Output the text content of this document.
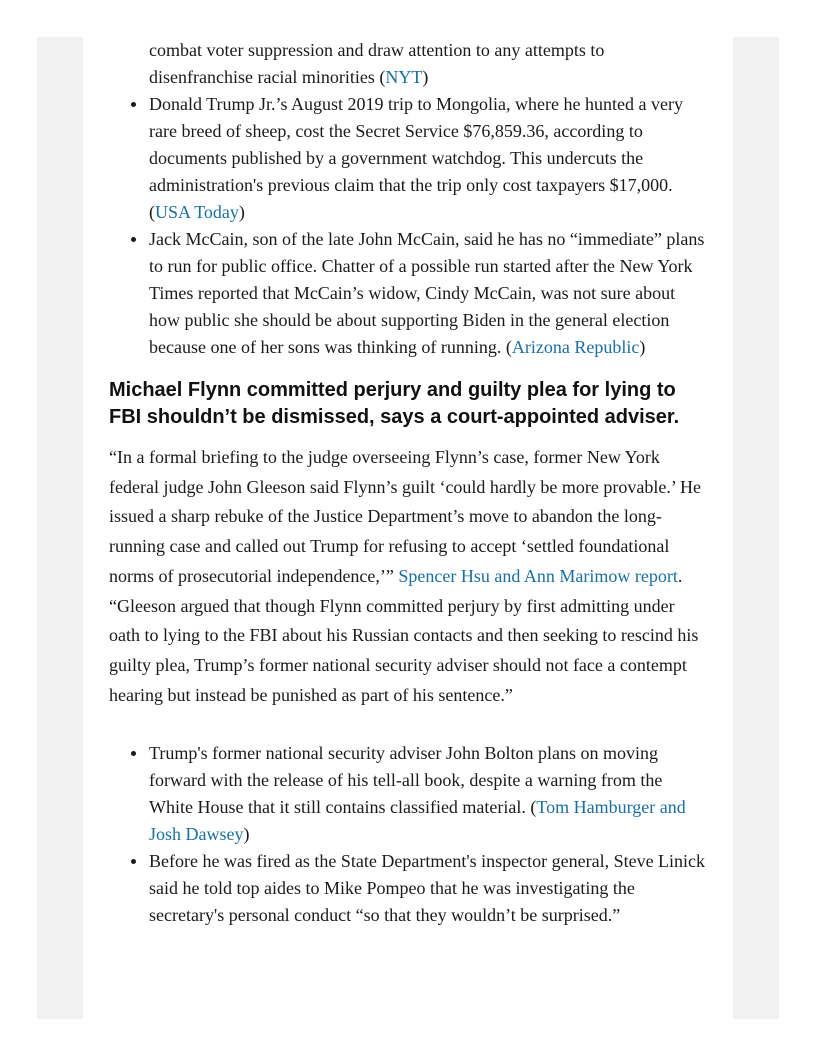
combat voter suppression and draw attention to any attempts to disenfranchise racial minorities (NYT)
Donald Trump Jr.’s August 2019 trip to Mongolia, where he hunted a very rare breed of sheep, cost the Secret Service $76,859.36, according to documents published by a government watchdog. This undercuts the administration's previous claim that the trip only cost taxpayers $17,000. (USA Today)
Jack McCain, son of the late John McCain, said he has no “immediate” plans to run for public office. Chatter of a possible run started after the New York Times reported that McCain’s widow, Cindy McCain, was not sure about how public she should be about supporting Biden in the general election because one of her sons was thinking of running. (Arizona Republic)
Michael Flynn committed perjury and guilty plea for lying to FBI shouldn’t be dismissed, says a court-appointed adviser.

“In a formal briefing to the judge overseeing Flynn’s case, former New York federal judge John Gleeson said Flynn’s guilt ‘could hardly be more provable.’ He issued a sharp rebuke of the Justice Department’s move to abandon the long-running case and called out Trump for refusing to accept ‘settled foundational norms of prosecutorial independence,’” Spencer Hsu and Ann Marimow report. “Gleeson argued that though Flynn committed perjury by first admitting under oath to lying to the FBI about his Russian contacts and then seeking to rescind his guilty plea, Trump’s former national security adviser should not face a contempt hearing but instead be punished as part of his sentence.”

Trump's former national security adviser John Bolton plans on moving forward with the release of his tell-all book, despite a warning from the White House that it still contains classified material. (Tom Hamburger and Josh Dawsey)
Before he was fired as the State Department's inspector general, Steve Linick said he told top aides to Mike Pompeo that he was investigating the secretary's personal conduct “so that they wouldn’t be surprised.”
